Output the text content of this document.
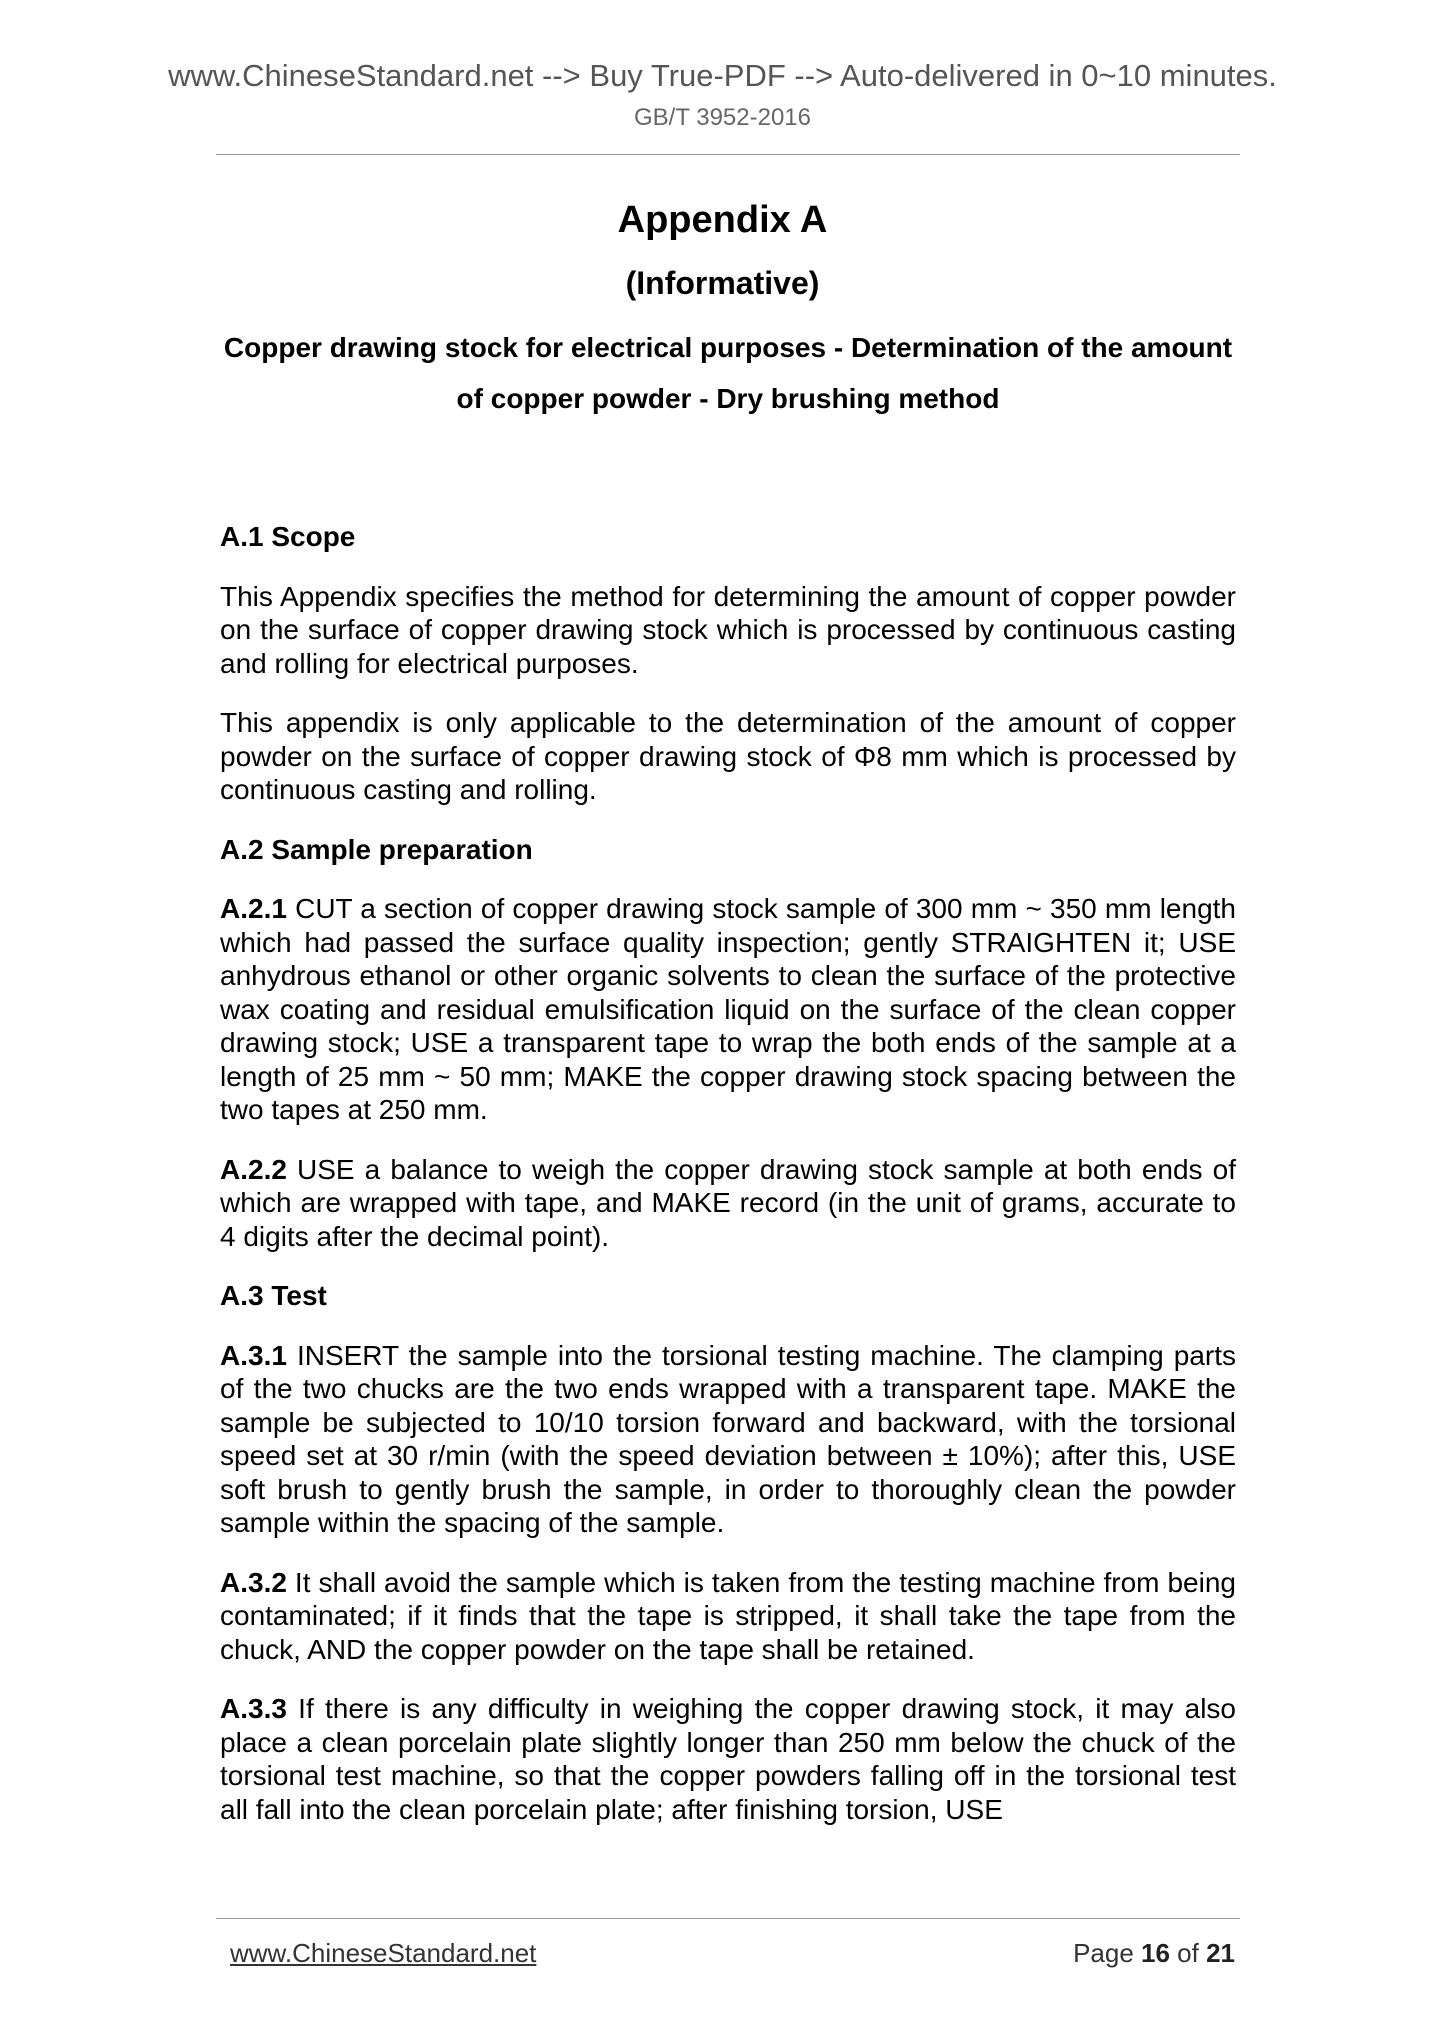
www.ChineseStandard.net --> Buy True-PDF --> Auto-delivered in 0~10 minutes.
GB/T 3952-2016
Appendix A
(Informative)
Copper drawing stock for electrical purposes - Determination of the amount of copper powder - Dry brushing method
A.1 Scope

This Appendix specifies the method for determining the amount of copper powder on the surface of copper drawing stock which is processed by continuous casting and rolling for electrical purposes.

This appendix is only applicable to the determination of the amount of copper powder on the surface of copper drawing stock of Φ8 mm which is processed by continuous casting and rolling.

A.2 Sample preparation

A.2.1 CUT a section of copper drawing stock sample of 300 mm ~ 350 mm length which had passed the surface quality inspection; gently STRAIGHTEN it; USE anhydrous ethanol or other organic solvents to clean the surface of the protective wax coating and residual emulsification liquid on the surface of the clean copper drawing stock; USE a transparent tape to wrap the both ends of the sample at a length of 25 mm ~ 50 mm; MAKE the copper drawing stock spacing between the two tapes at 250 mm.

A.2.2 USE a balance to weigh the copper drawing stock sample at both ends of which are wrapped with tape, and MAKE record (in the unit of grams, accurate to 4 digits after the decimal point).

A.3 Test

A.3.1 INSERT the sample into the torsional testing machine. The clamping parts of the two chucks are the two ends wrapped with a transparent tape. MAKE the sample be subjected to 10/10 torsion forward and backward, with the torsional speed set at 30 r/min (with the speed deviation between ± 10%); after this, USE soft brush to gently brush the sample, in order to thoroughly clean the powder sample within the spacing of the sample.

A.3.2 It shall avoid the sample which is taken from the testing machine from being contaminated; if it finds that the tape is stripped, it shall take the tape from the chuck, AND the copper powder on the tape shall be retained.

A.3.3 If there is any difficulty in weighing the copper drawing stock, it may also place a clean porcelain plate slightly longer than 250 mm below the chuck of the torsional test machine, so that the copper powders falling off in the torsional test all fall into the clean porcelain plate; after finishing torsion, USE

www.ChineseStandard.net	Page 16 of 21
